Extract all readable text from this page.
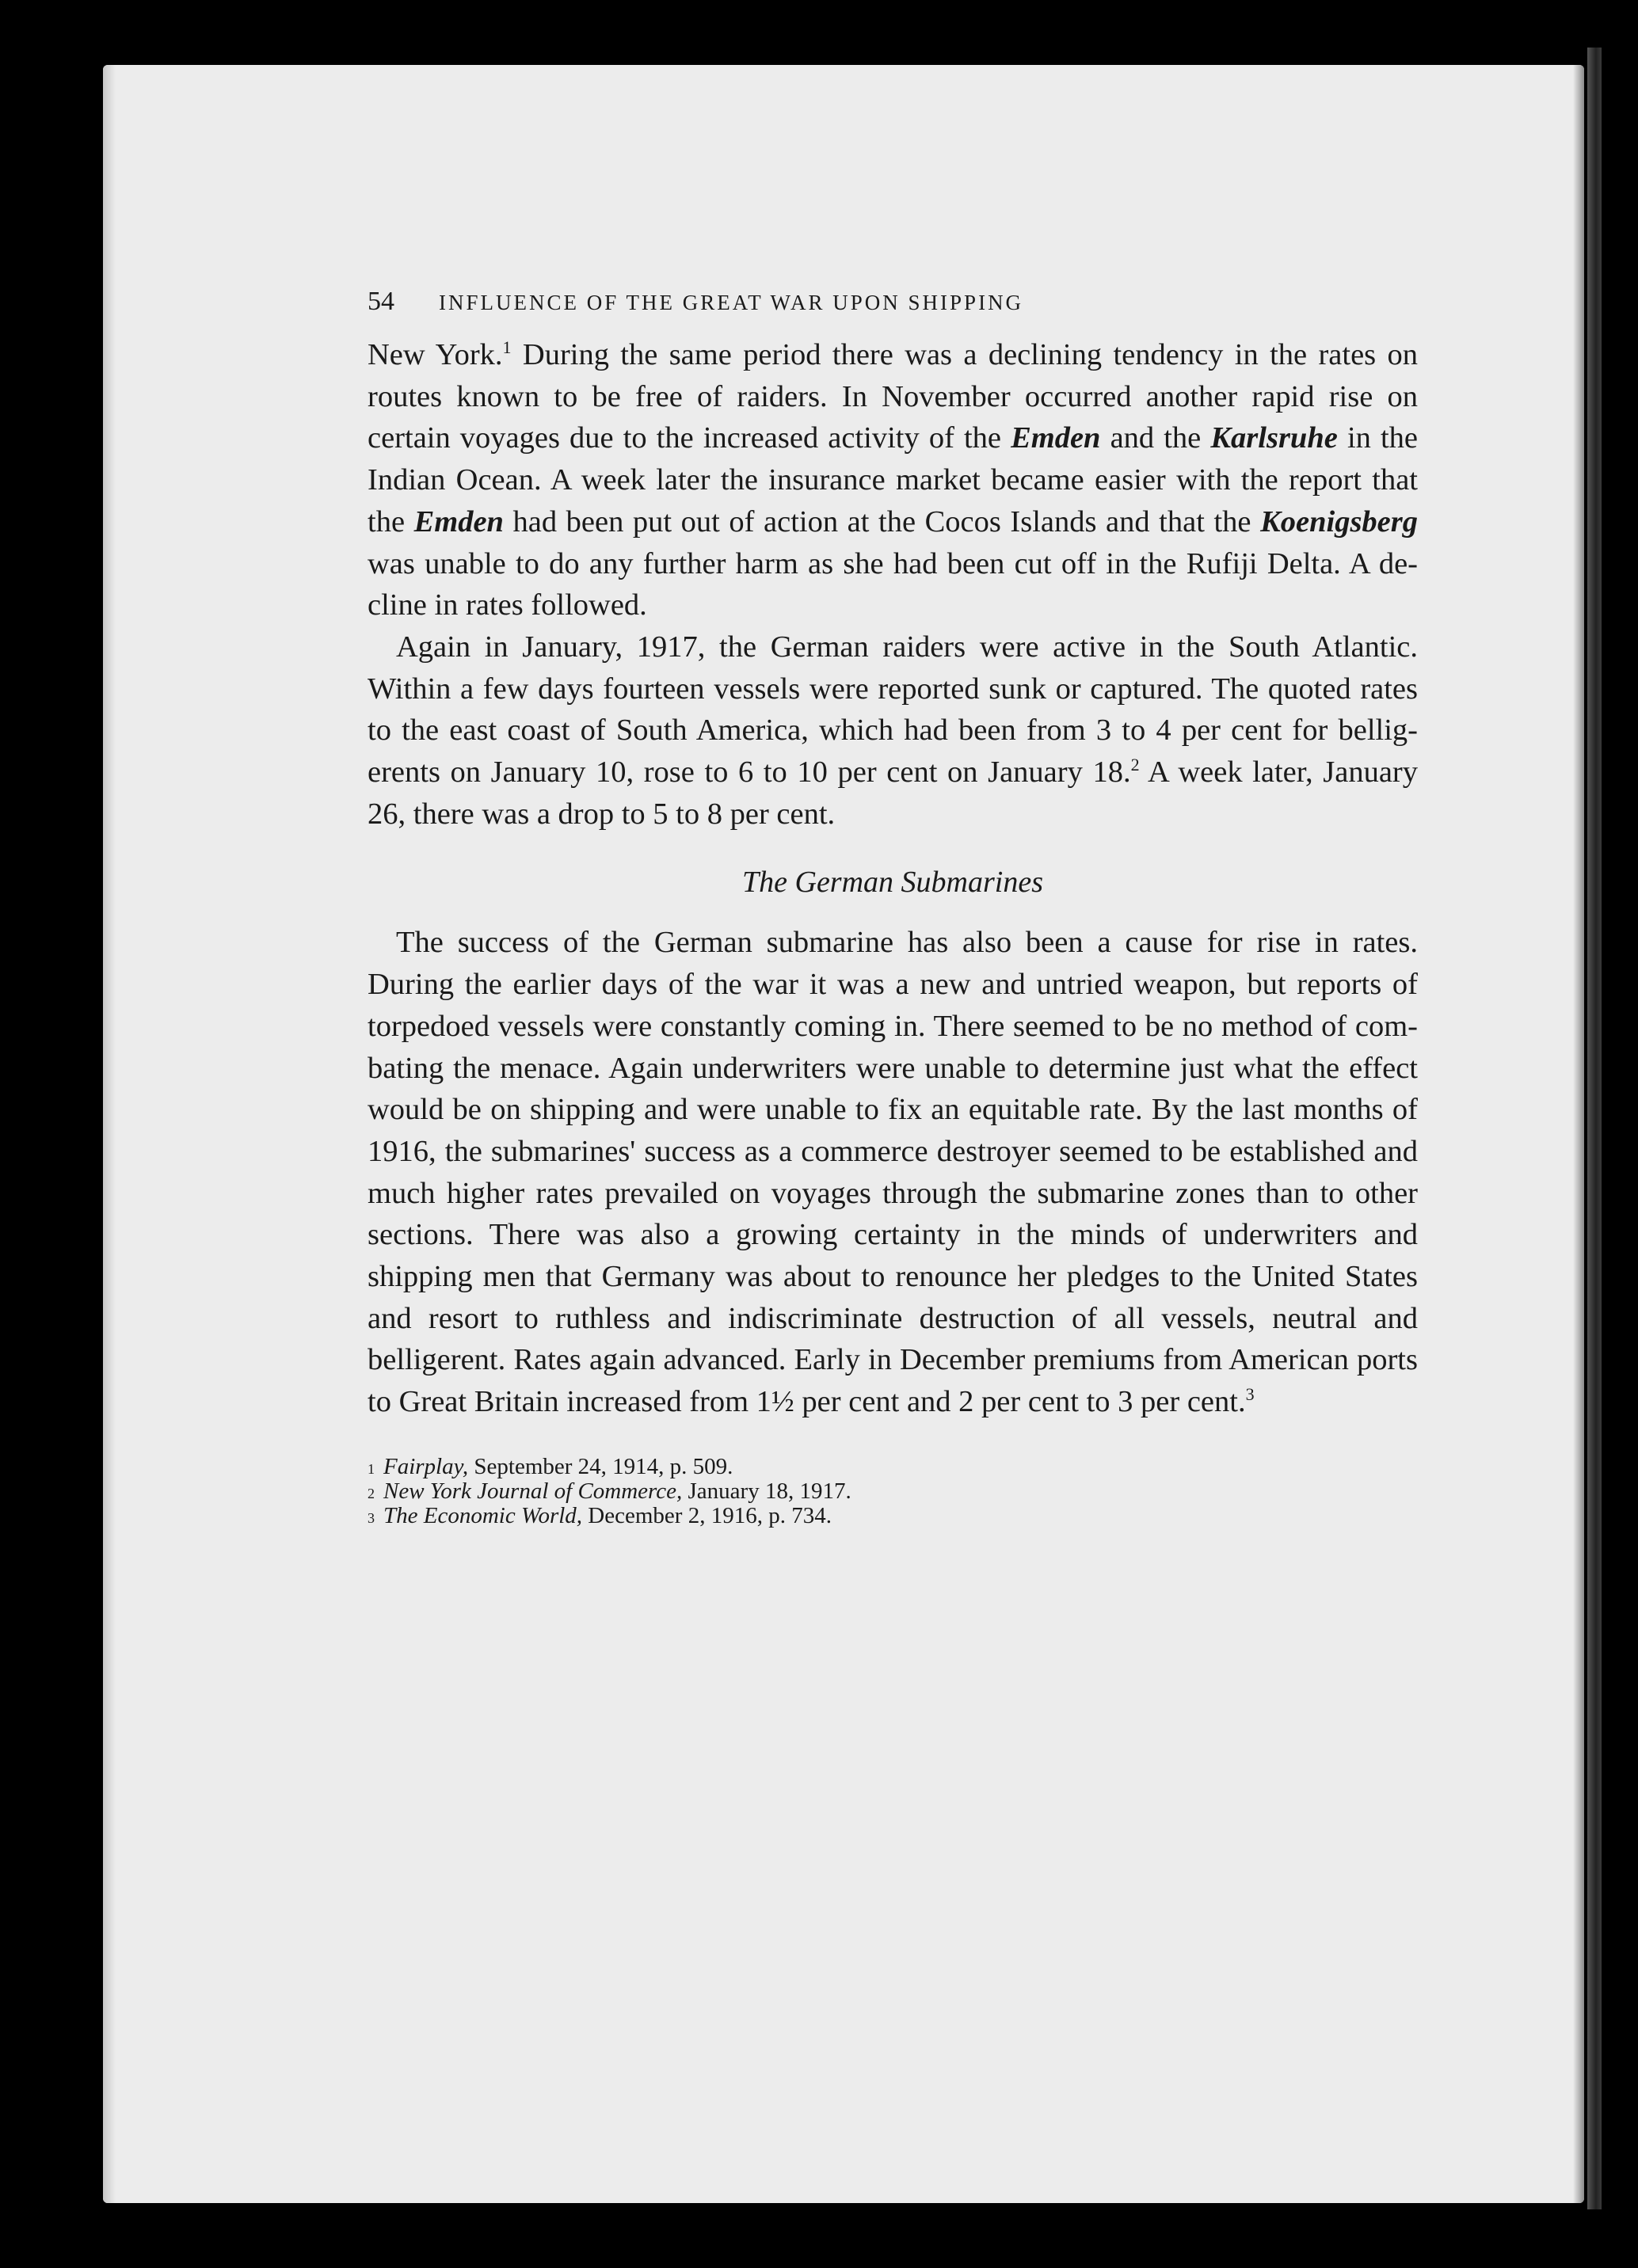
54 INFLUENCE OF THE GREAT WAR UPON SHIPPING

New York.$^1$ During the same period there was a declining tendency in the rates on routes known to be free of raiders. In November occurred another rapid rise on certain voyages due to the increased activity of the Emden and the Karlsruhe in the Indian Ocean. A week later the insurance market became easier with the report that the Emden had been put out of action at the Cocos Islands and that the Koenigsberg was unable to do any further harm as she had been cut off in the Rufiji Delta. A decline in rates followed.

Again in January, 1917, the German raiders were active in the South Atlantic. Within a few days fourteen vessels were reported sunk or captured. The quoted rates to the east coast of South America, which had been from 3 to 4 per cent for belligerents on January 10, rose to 6 to 10 per cent on January 18.$^2$ A week later, January 26, there was a drop to 5 to 8 per cent.

The German Submarines

The success of the German submarine has also been a cause for rise in rates. During the earlier days of the war it was a new and untried weapon, but reports of torpedoed vessels were constantly coming in. There seemed to be no method of combating the menace. Again underwriters were unable to determine just what the effect would be on shipping and were unable to fix an equitable rate. By the last months of 1916, the submarines' success as a commerce destroyer seemed to be established and much higher rates prevailed on voyages through the submarine zones than to other sections. There was also a growing certainty in the minds of underwriters and shipping men that Germany was about to renounce her pledges to the United States and resort to ruthless and indiscriminate destruction of all vessels, neutral and belligerent. Rates again advanced. Early in December premiums from American ports to Great Britain increased from 1½ per cent and 2 per cent to 3 per cent.$^3$

1 Fairplay, September 24, 1914, p. 509.
2 New York Journal of Commerce, January 18, 1917.
3 The Economic World, December 2, 1916, p. 734.
